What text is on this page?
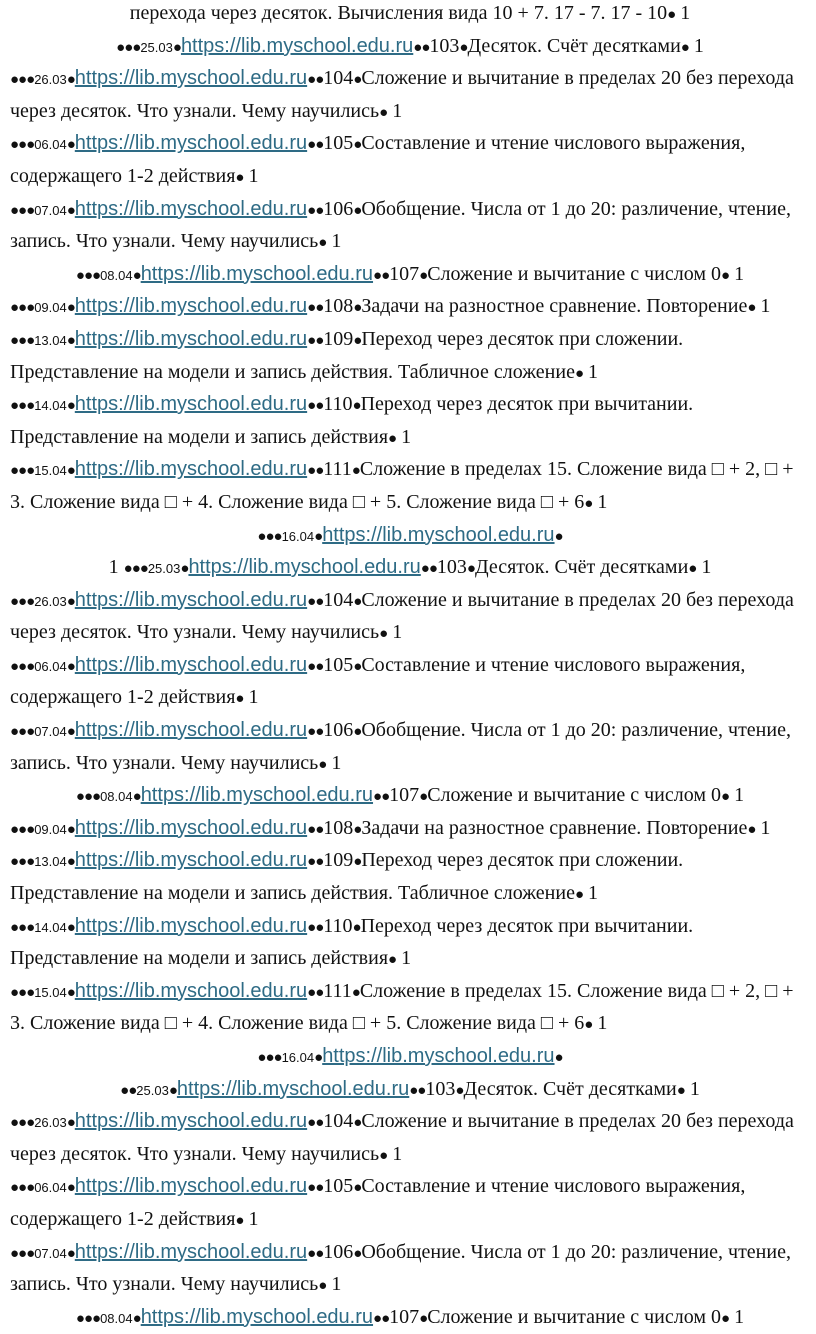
перехода через десяток. Вычисления вида 10 + 7. 17 - 7. 17 - 10● 1
●●●25.03●https://lib.myschool.edu.ru●●103●Десяток. Счёт десятками● 1
●●●26.03●https://lib.myschool.edu.ru●●104●Сложение и вычитание в пределах 20 без перехода через десяток. Что узнали. Чему научились● 1
●●●06.04●https://lib.myschool.edu.ru●●105●Составление и чтение числового выражения, содержащего 1-2 действия● 1
●●●07.04●https://lib.myschool.edu.ru●●106●Обобщение. Числа от 1 до 20: различение, чтение, запись. Что узнали. Чему научились● 1
●●●08.04●https://lib.myschool.edu.ru●●107●Сложение и вычитание с числом 0● 1
●●●09.04●https://lib.myschool.edu.ru●●108●Задачи на разностное сравнение. Повторение● 1 ●●●13.04●https://lib.myschool.edu.ru●●109●Переход через десяток при сложении. Представление на модели и запись действия. Табличное сложение● 1
●●●14.04●https://lib.myschool.edu.ru●●110●Переход через десяток при вычитании. Представление на модели и запись действия● 1
●●●15.04●https://lib.myschool.edu.ru●●111●Сложение в пределах 15. Сложение вида □ + 2, □ + 3. Сложение вида □ + 4. Сложение вида □ + 5. Сложение вида □ + 6● 1
●●●16.04●https://lib.myschool.edu.ru●
1 ●●●25.03●https://lib.myschool.edu.ru●●103●Десяток. Счёт десятками● 1
●●●26.03●https://lib.myschool.edu.ru●●104●Сложение и вычитание в пределах 20 без перехода через десяток. Что узнали. Чему научились● 1
●●●06.04●https://lib.myschool.edu.ru●●105●Составление и чтение числового выражения, содержащего 1-2 действия● 1
●●●07.04●https://lib.myschool.edu.ru●●106●Обобщение. Числа от 1 до 20: различение, чтение, запись. Что узнали. Чему научились● 1
●●●08.04●https://lib.myschool.edu.ru●●107●Сложение и вычитание с числом 0● 1
●●●09.04●https://lib.myschool.edu.ru●●108●Задачи на разностное сравнение. Повторение● 1 ●●●13.04●https://lib.myschool.edu.ru●●109●Переход через десяток при сложении. Представление на модели и запись действия. Табличное сложение● 1
●●●14.04●https://lib.myschool.edu.ru●●110●Переход через десяток при вычитании. Представление на модели и запись действия● 1
●●●15.04●https://lib.myschool.edu.ru●●111●Сложение в пределах 15. Сложение вида □ + 2, □ + 3. Сложение вида □ + 4. Сложение вида □ + 5. Сложение вида □ + 6● 1
●●●16.04●https://lib.myschool.edu.ru●
●●25.03●https://lib.myschool.edu.ru●●103●Десяток. Счёт десятками● 1
●●●26.03●https://lib.myschool.edu.ru●●104●Сложение и вычитание в пределах 20 без перехода через десяток. Что узнали. Чему научились● 1
●●●06.04●https://lib.myschool.edu.ru●●105●Составление и чтение числового выражения, содержащего 1-2 действия● 1
●●●07.04●https://lib.myschool.edu.ru●●106●Обобщение. Числа от 1 до 20: различение, чтение, запись. Что узнали. Чему научились● 1
●●●08.04●https://lib.myschool.edu.ru●●107●Сложение и вычитание с числом 0● 1
